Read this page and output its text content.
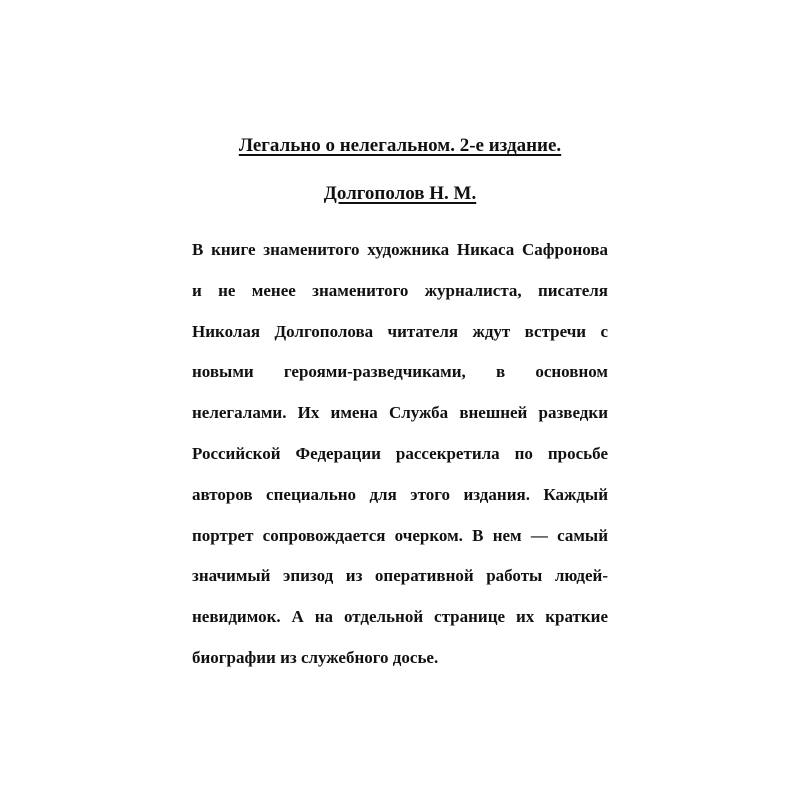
Легально о нелегальном. 2-е издание.
Долгополов Н. М.
В книге знаменитого художника Никаса Сафронова
и не менее знаменитого журналиста, писателя
Николая Долгополова читателя ждут встречи с
новыми героями-разведчиками, в основном
нелегалами. Их имена Служба внешней разведки
Российской Федерации рассекретила по просьбе
авторов специально для этого издания. Каждый
портрет сопровождается очерком. В нем — самый
значимый эпизод из оперативной работы людей-
невидимок. А на отдельной странице их краткие
биографии из служебного досье.
